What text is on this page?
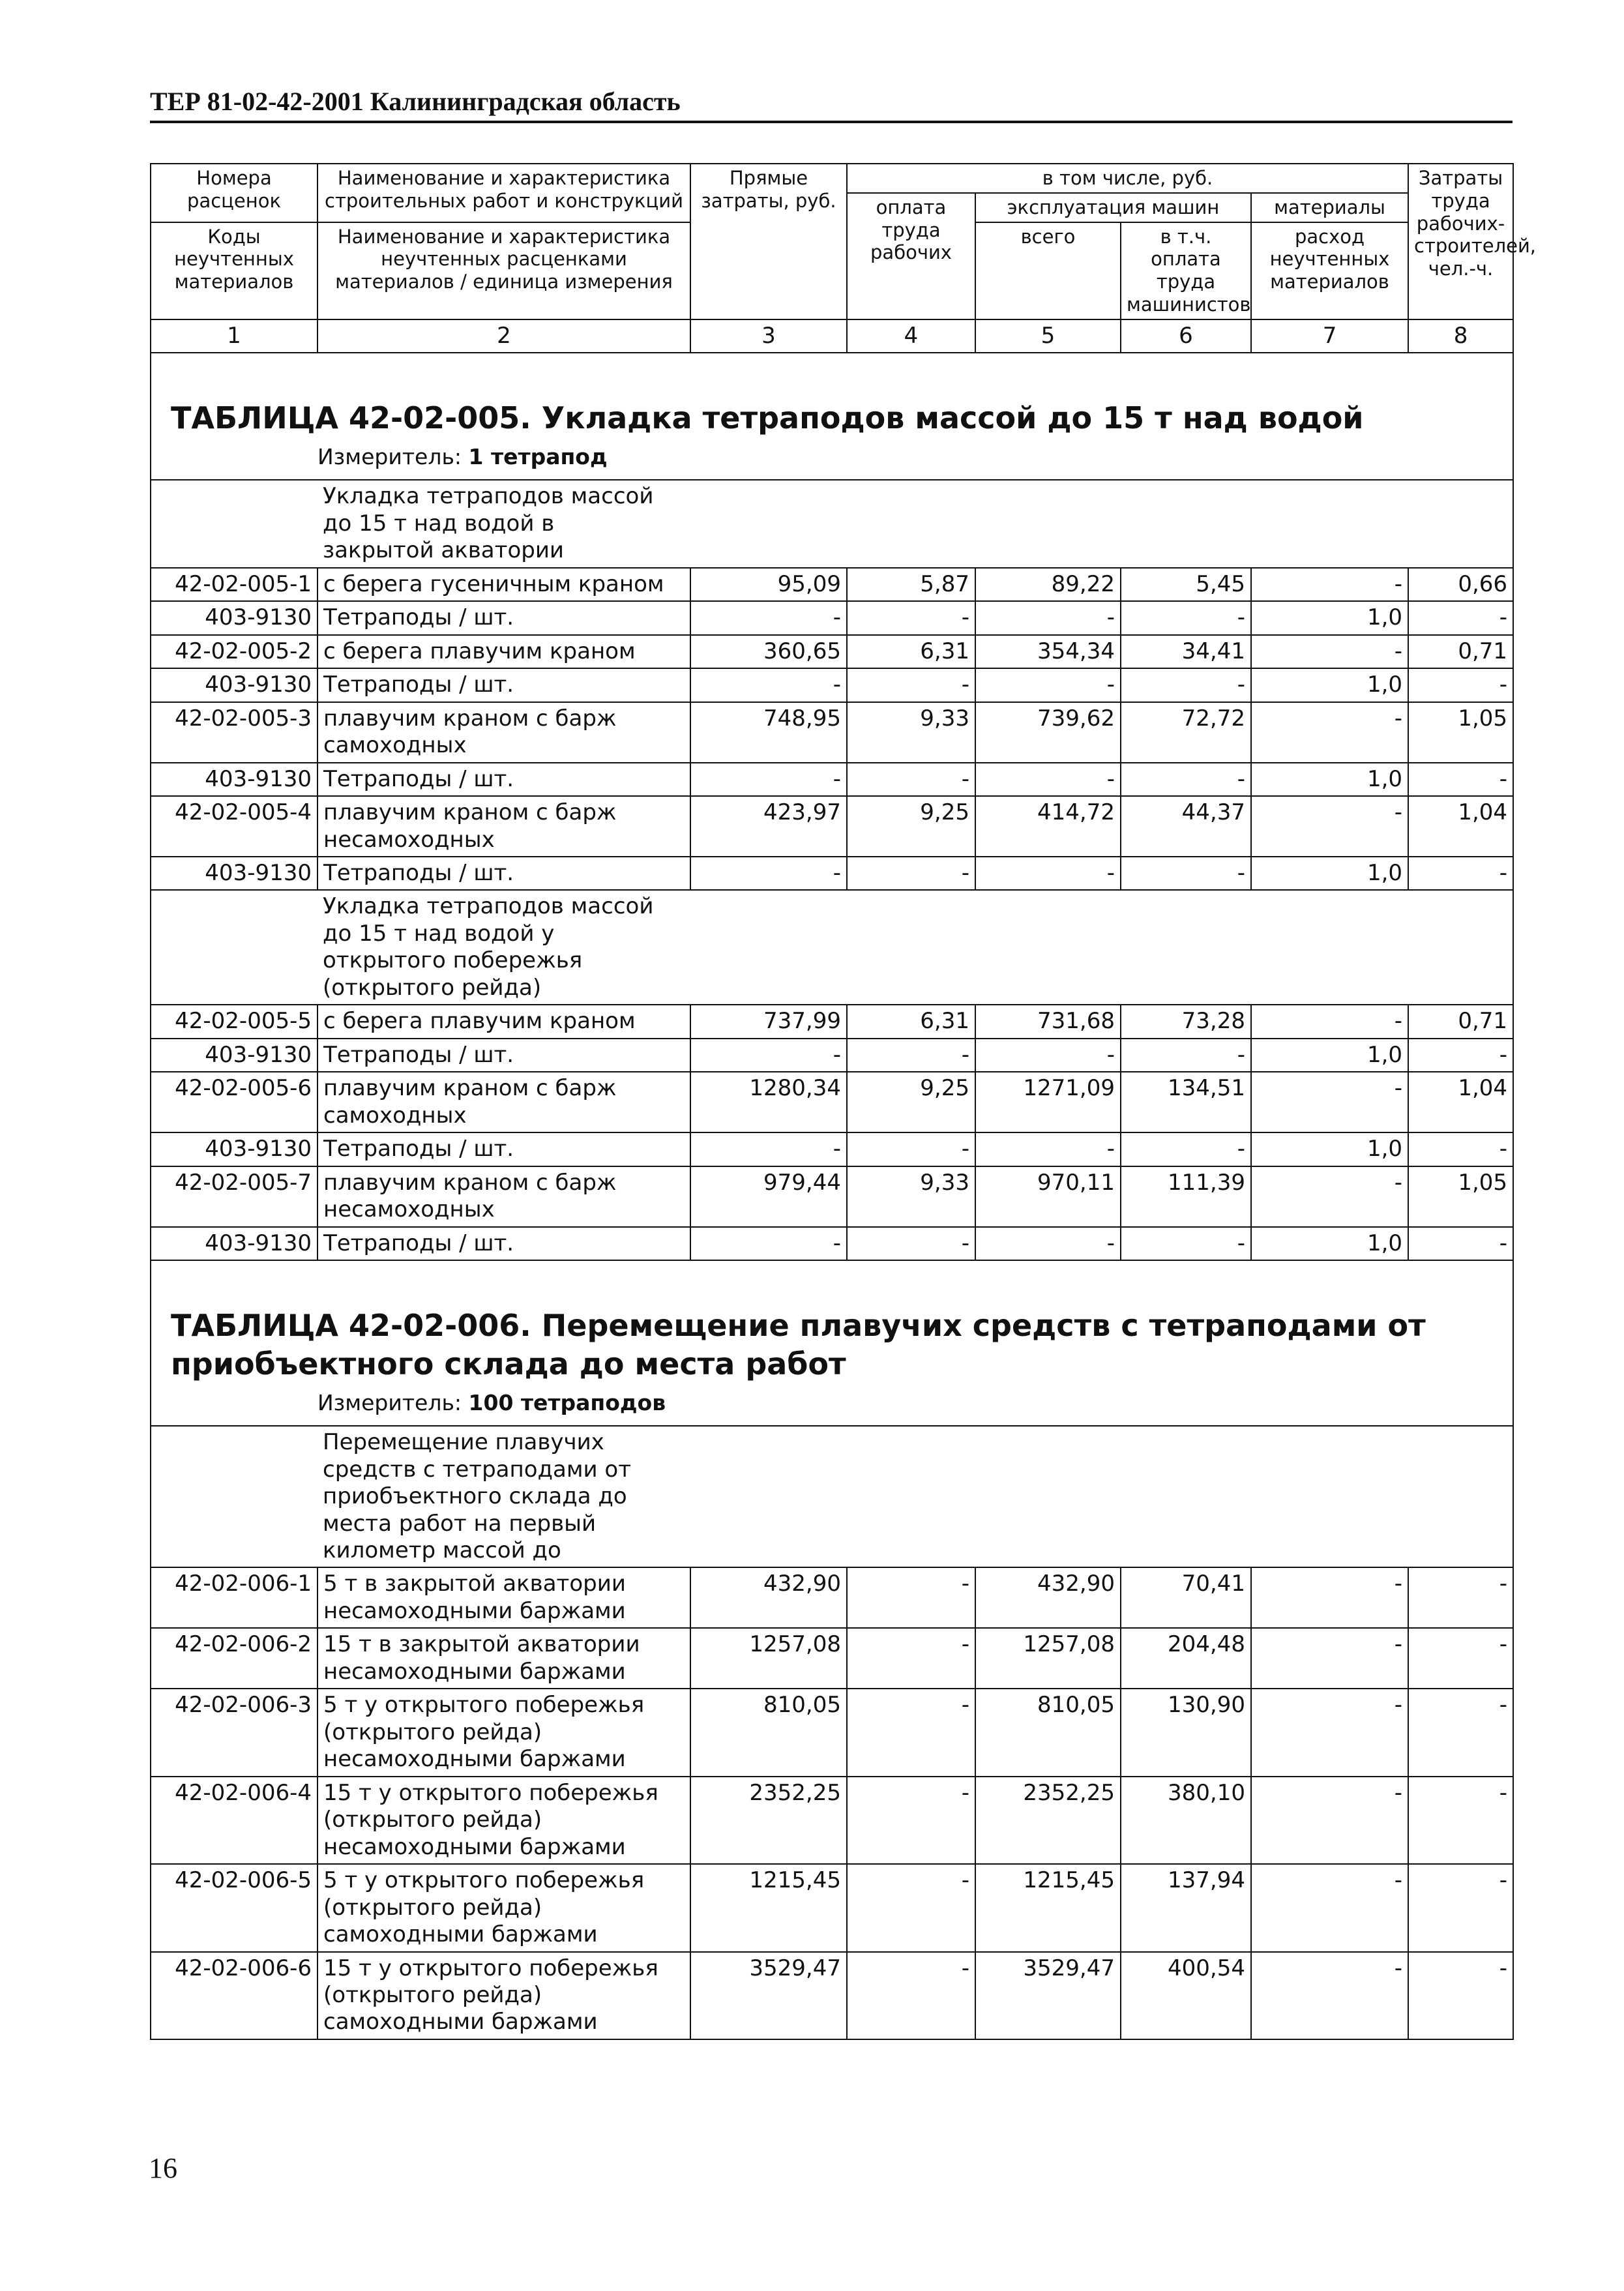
ТЕР 81-02-42-2001 Калининградская область
Номера расценок	Наименование и характеристика строительных работ и конструкций	Прямые затраты, руб.	в том числе, руб.				Затраты труда рабочих-строителей, чел.-ч.
			оплата труда рабочих	эксплуатация машин		материалы	
Коды неучтенных материалов	Наименование и характеристика неучтенных расценками материалов / единица измерения			всего	в т.ч. оплата труда машинистов	расход неучтенных материалов	

1	2	3	4	5	6	7	8
ТАБЛИЦА 42-02-005. Укладка тетраподов массой до 15 т над водой							
Измеритель: 1 тетрапод							
	Укладка тетраподов массой до 15 т над водой в закрытой акватории						
42-02-005-1	с берега гусеничным краном	95,09	5,87	89,22	5,45	-	0,66
403-9130	Тетраподы / шт.	-	-	-	-	1,0	-
42-02-005-2	с берега плавучим краном	360,65	6,31	354,34	34,41	-	0,71
403-9130	Тетраподы / шт.	-	-	-	-	1,0	-
42-02-005-3	плавучим краном с барж самоходных	748,95	9,33	739,62	72,72	-	1,05
403-9130	Тетраподы / шт.	-	-	-	-	1,0	-
42-02-005-4	плавучим краном с барж несамоходных	423,97	9,25	414,72	44,37	-	1,04
403-9130	Тетраподы / шт.	-	-	-	-	1,0	-
	Укладка тетраподов массой до 15 т над водой у открытого побережья (открытого рейда)						
42-02-005-5	с берега плавучим краном	737,99	6,31	731,68	73,28	-	0,71
403-9130	Тетраподы / шт.	-	-	-	-	1,0	-
42-02-005-6	плавучим краном с барж самоходных	1280,34	9,25	1271,09	134,51	-	1,04
403-9130	Тетраподы / шт.	-	-	-	-	1,0	-
42-02-005-7	плавучим краном с барж несамоходных	979,44	9,33	970,11	111,39	-	1,05
403-9130	Тетраподы / шт.	-	-	-	-	1,0	-
ТАБЛИЦА 42-02-006. Перемещение плавучих средств с тетраподами от приобъектного склада до места работ							
Измеритель: 100 тетраподов							
	Перемещение плавучих средств с тетраподами от приобъектного склада до места работ на первый километр массой до						
42-02-006-1	5 т в закрытой акватории несамоходными баржами	432,90	-	432,90	70,41	-	-
42-02-006-2	15 т в закрытой акватории несамоходными баржами	1257,08	-	1257,08	204,48	-	-
42-02-006-3	5 т у открытого побережья (открытого рейда) несамоходными баржами	810,05	-	810,05	130,90	-	-
42-02-006-4	15 т у открытого побережья (открытого рейда) несамоходными баржами	2352,25	-	2352,25	380,10	-	-
42-02-006-5	5 т у открытого побережья (открытого рейда) самоходными баржами	1215,45	-	1215,45	137,94	-	-
42-02-006-6	15 т у открытого побережья (открытого рейда) самоходными баржами	3529,47	-	3529,47	400,54	-	-
16
